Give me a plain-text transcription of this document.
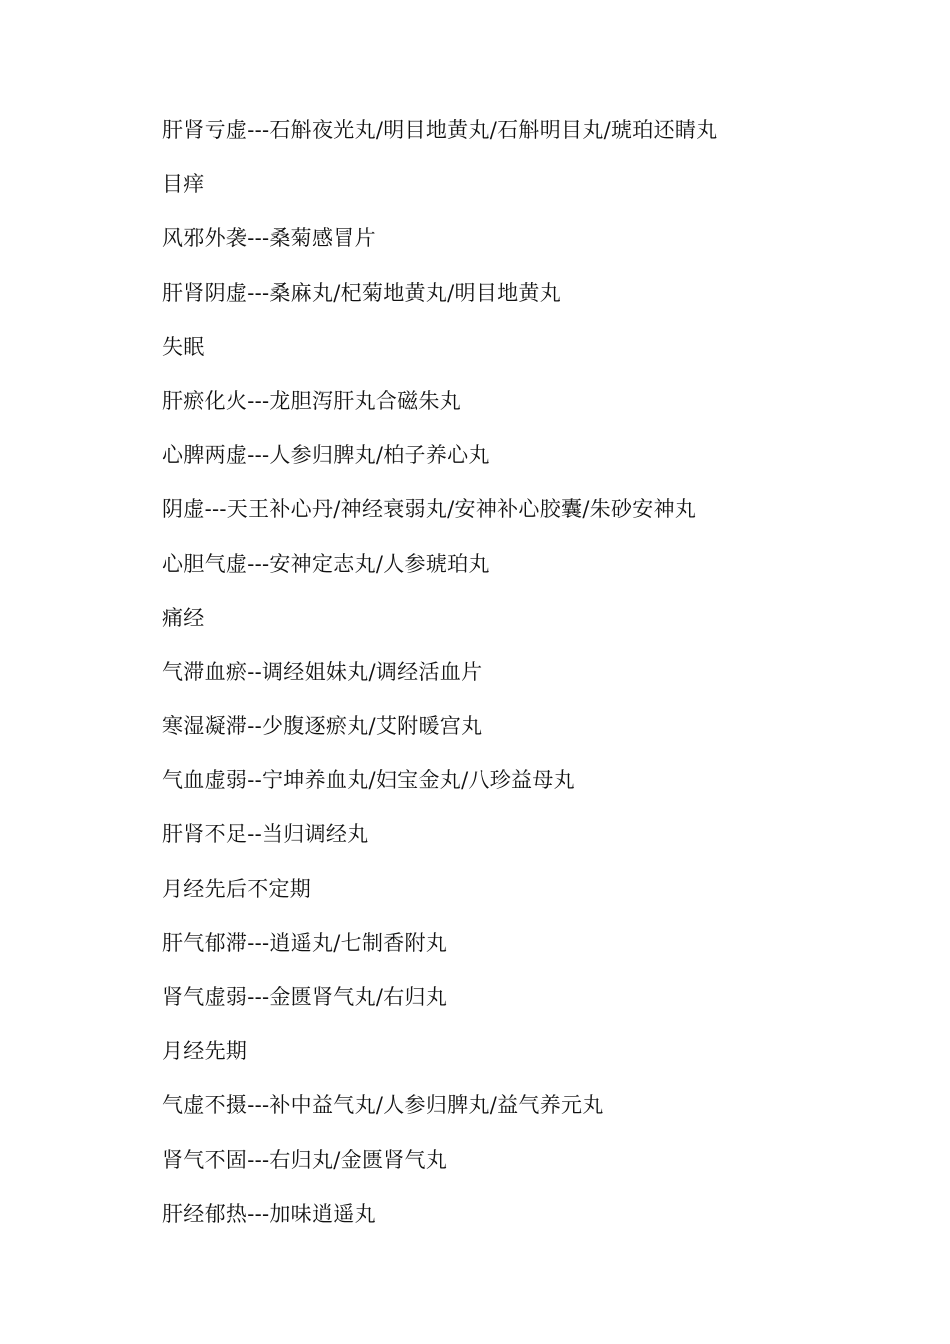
肝肾亏虚---石斛夜光丸/明目地黄丸/石斛明目丸/琥珀还睛丸
目痒
风邪外袭---桑菊感冒片
肝肾阴虚---桑麻丸/杞菊地黄丸/明目地黄丸
失眠
肝瘀化火---龙胆泻肝丸合磁朱丸
心脾两虚---人参归脾丸/柏子养心丸
阴虚---天王补心丹/神经衰弱丸/安神补心胶囊/朱砂安神丸
心胆气虚---安神定志丸/人参琥珀丸
痛经
气滞血瘀--调经姐妹丸/调经活血片
寒湿凝滞--少腹逐瘀丸/艾附暖宫丸
气血虚弱--宁坤养血丸/妇宝金丸/八珍益母丸
肝肾不足--当归调经丸
月经先后不定期
肝气郁滞---逍遥丸/七制香附丸
肾气虚弱---金匮肾气丸/右归丸
月经先期
气虚不摄---补中益气丸/人参归脾丸/益气养元丸
肾气不固---右归丸/金匮肾气丸
肝经郁热---加味逍遥丸
